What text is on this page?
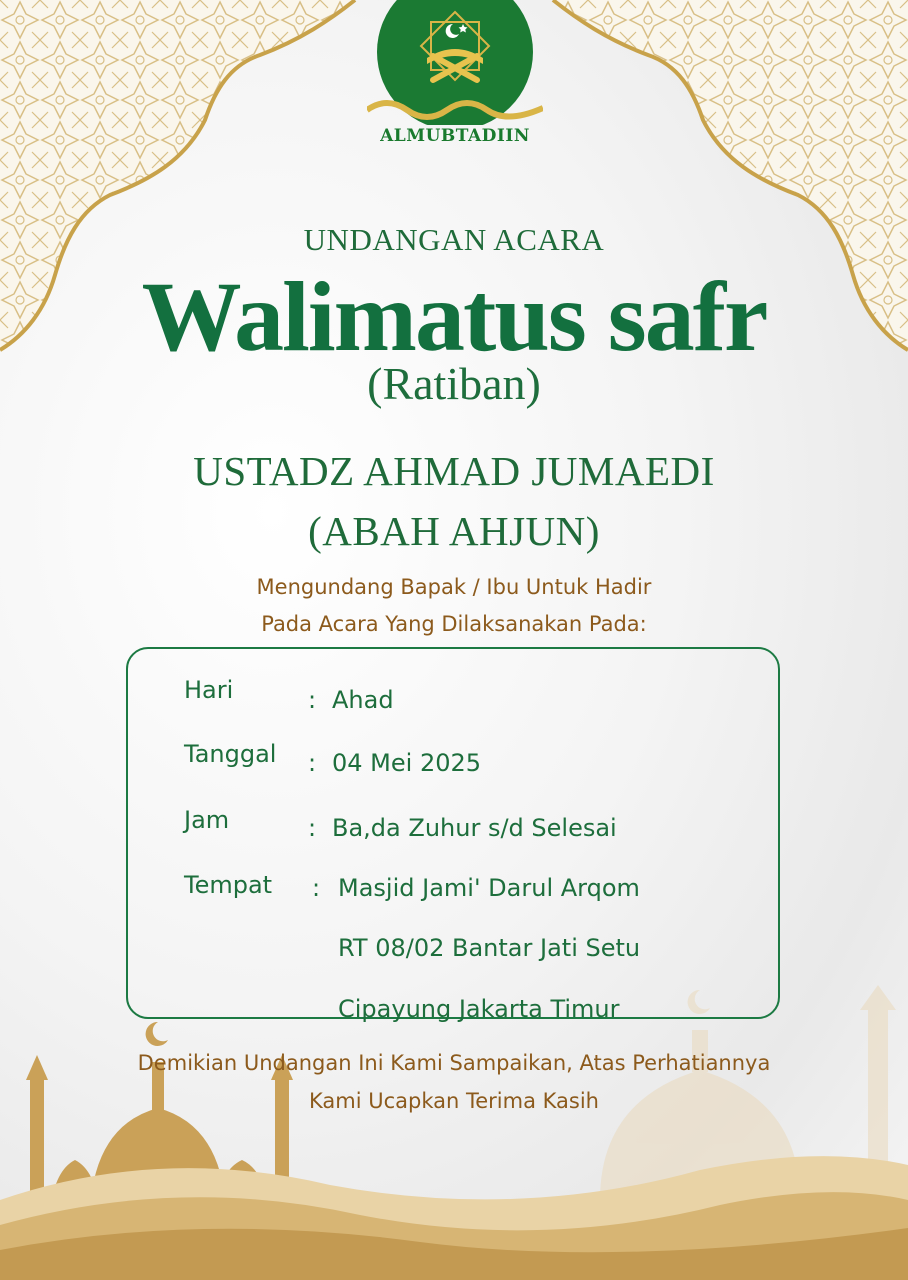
ALMUBTADIIN
UNDANGAN ACARA
Walimatus safr
(Ratiban)
USTADZ AHMAD JUMAEDI
(ABAH AHJUN)
Mengundang Bapak / Ibu Untuk Hadir
Pada Acara Yang Dilaksanakan Pada:
Hari	: Ahad
Tanggal : 04 Mei 2025
Jam	: Ba,da Zuhur s/d Selesai
Tempat : Masjid Jami' Darul Arqom
RT 08/02 Bantar Jati Setu
Cipayung Jakarta Timur
Demikian Undangan Ini Kami Sampaikan, Atas Perhatiannya
Kami Ucapkan Terima Kasih
